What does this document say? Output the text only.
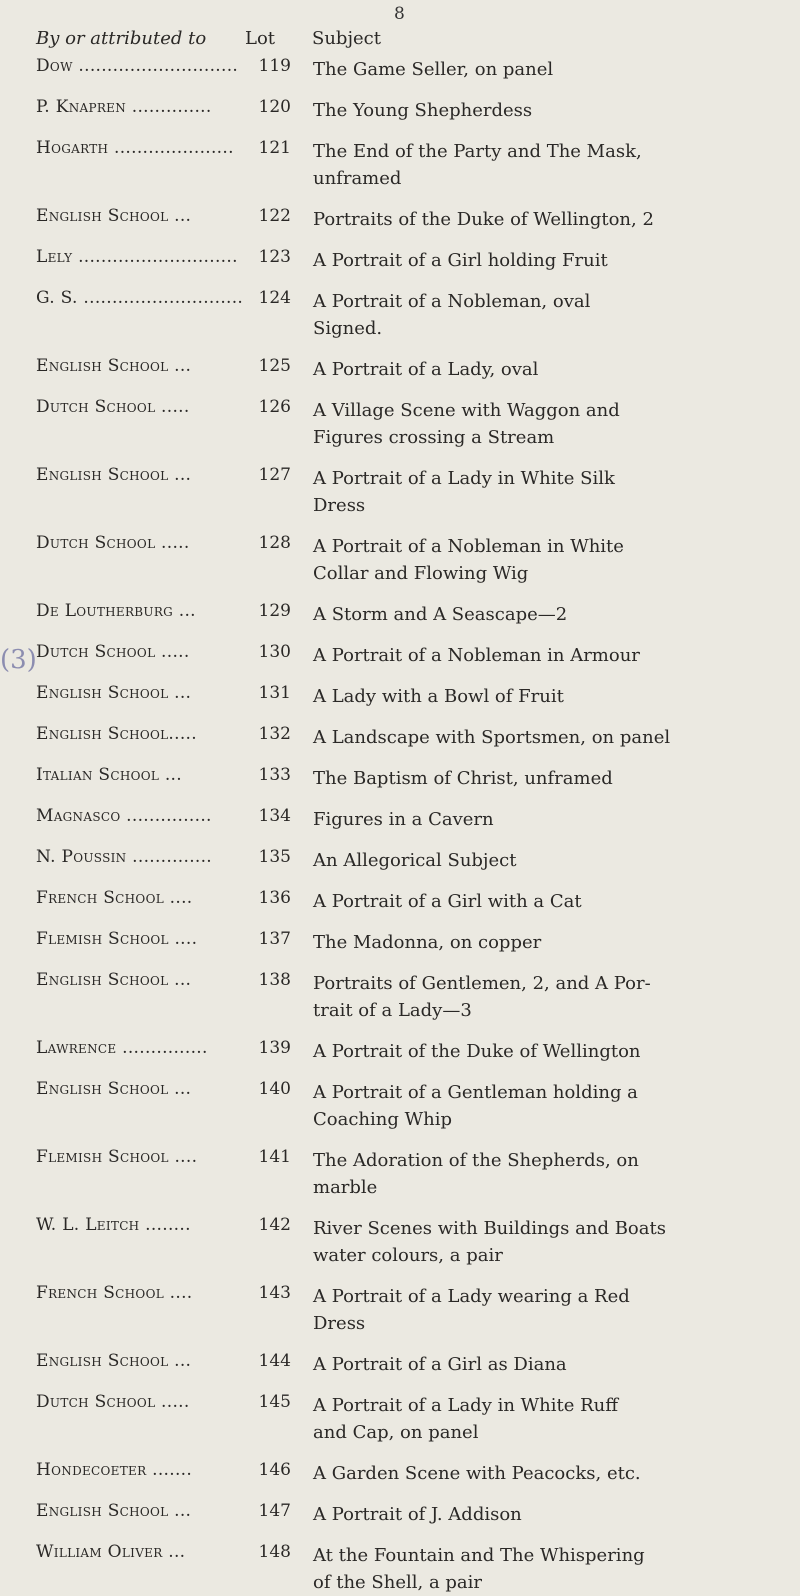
8
By or attributed to Lot Subject
Dow ............................	119 The Game Seller, on panel
P. Knapren ..............	120 The Young Shepherdess
Hogarth .....................	121 The End of the Party and The Mask,
unframed
English School ...	122 Portraits of the Duke of Wellington, 2
Lely ............................	123 A Portrait of a Girl holding Fruit
G. S. ............................ 124 A Portrait of a Nobleman, oval
Signed.
English School ...	125 A Portrait of a Lady, oval
Dutch School .....	126 A Village Scene with Waggon and
Figures crossing a Stream
English School ...	127 A Portrait of a Lady in White Silk
Dress
Dutch School .....	128 A Portrait of a Nobleman in White
Collar and Flowing Wig
De Louтherburg ...	129 A Storm and A Seascape—2
Dutch School .....	130 A Portrait of a Nobleman in Armour
English School ...	131 A Lady with a Bowl of Fruit
English School.....	132 A Landscape with Sportsmen, on panel
Italian School ...	133 The Baptism of Christ, unframed
Magnasco ...............	134 Figures in a Cavern
N. Poussin ..............	135 An Allegorical Subject
French School ....	136 A Portrait of a Girl with a Cat
Flemish School ....	137 The Madonna, on copper
English School ...	138 Portraits of Gentlemen, 2, and A Por-
trait of a Lady—3
Lawrence ...............	139 A Portrait of the Duke of Wellington
English School ...	140 A Portrait of a Gentleman holding a
Coaching Whip
Flemish School ....	141 The Adoration of the Shepherds, on
marble
W. L. Leitch ........	142 River Scenes with Buildings and Boats
water colours, a pair
French School ....	143 A Portrait of a Lady wearing a Red
Dress
English School ...	144 A Portrait of a Girl as Diana
Dutch School .....	145 A Portrait of a Lady in White Ruff
and Cap, on panel
Hondecoeter .......	146 A Garden Scene with Peacocks, etc.
English School ...	147 A Portrait of J. Addison
William Oliver ...	148 At the Fountain and The Whispering
of the Shell, a pair
(3)
